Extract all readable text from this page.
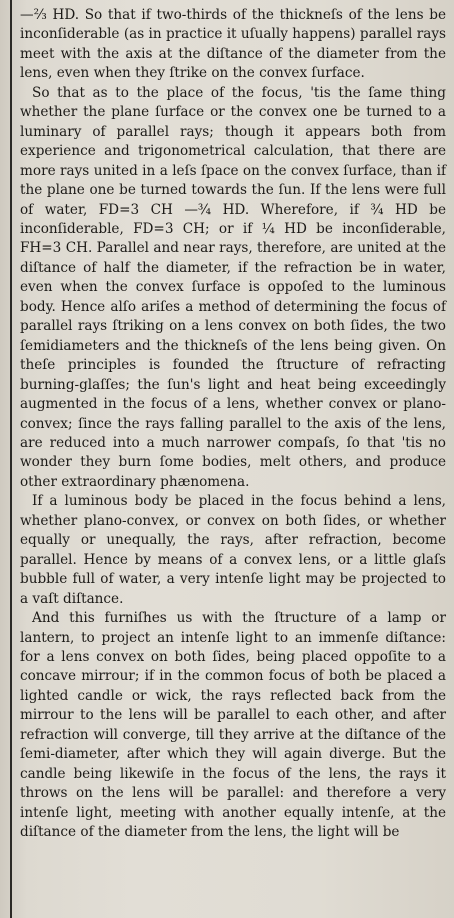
—⅔ HD. So that if two-thirds of the thickneſs of the lens be inconſiderable (as in practice it uſually happens) parallel rays meet with the axis at the diſtance of the diameter from the lens, even when they ſtrike on the convex ſurface.

So that as to the place of the focus, 'tis the ſame thing whether the plane ſurface or the convex one be turned to a luminary of parallel rays; though it appears both from experience and trigonometrical calculation, that there are more rays united in a leſs ſpace on the convex ſurface, than if the plane one be turned towards the ſun. If the lens were full of water, FD=3 CH —¾ HD. Wherefore, if ¾ HD be inconſiderable, FD=3 CH; or if ¼ HD be inconſiderable, FH=3 CH. Parallel and near rays, therefore, are united at the diſtance of half the diameter, if the refraction be in water, even when the convex ſurface is oppoſed to the luminous body. Hence alſo ariſes a method of determining the focus of parallel rays ſtriking on a lens convex on both ſides, the two ſemidiameters and the thickneſs of the lens being given. On theſe principles is founded the ſtructure of refracting burning-glaſſes; the ſun's light and heat being exceedingly augmented in the focus of a lens, whether convex or plano-convex; ſince the rays falling parallel to the axis of the lens, are reduced into a much narrower compaſs, ſo that 'tis no wonder they burn ſome bodies, melt others, and produce other extraordinary phænomena.

If a luminous body be placed in the focus behind a lens, whether plano-convex, or convex on both ſides, or whether equally or unequally, the rays, after refraction, become parallel. Hence by means of a convex lens, or a little glaſs bubble full of water, a very intenſe light may be projected to a vaſt diſtance.

And this furniſhes us with the ſtructure of a lamp or lantern, to project an intenſe light to an immenſe diſtance: for a lens convex on both ſides, being placed oppoſite to a concave mirrour; if in the common focus of both be placed a lighted candle or wick, the rays reflected back from the mirrour to the lens will be parallel to each other, and after refraction will converge, till they arrive at the diſtance of the ſemi-diameter, after which they will again diverge. But the candle being likewiſe in the focus of the lens, the rays it throws on the lens will be parallel: and therefore a very intenſe light, meeting with another equally intenſe, at the diſtance of the diameter from the lens, the light will be
